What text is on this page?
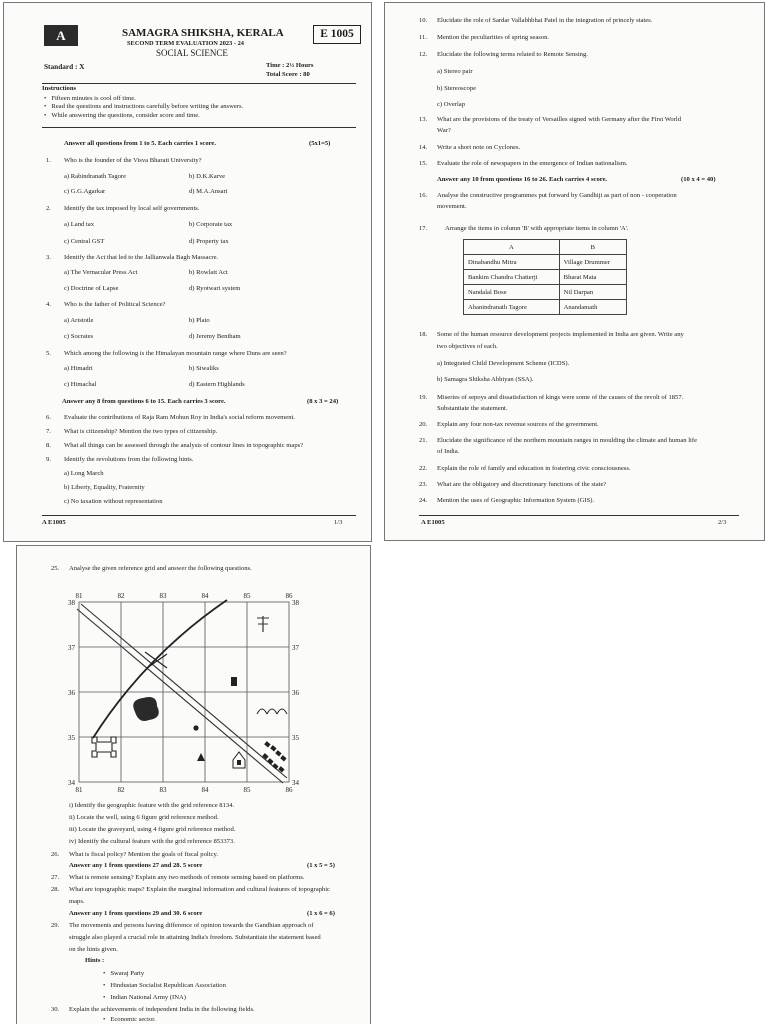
A	SAMAGRA SHIKSHA, KERALA
SECOND TERM EVALUATION 2023 - 24
SOCIAL SCIENCE
E 1005
Standard : X	Time : 2½ Hours
Total Score : 80
Instructions
• Fifteen minutes is cool off time.
• Read the questions and instructions carefully before writing the answers.
• While answering the questions, consider score and time.
Answer all questions from 1 to 5. Each carries 1 score.	(5x1=5)
1. Who is the founder of the Visva Bharati University?
a) Rabindranath Tagore	b) D.K.Karve
c) G.G.Agarkar	d) M.A.Ansari
2. Identify the tax imposed by local self governments.
a) Land tax	b) Corporate tax
c) Central GST	d) Property tax
3. Identify the Act that led to the Jallianwala Bagh Massacre.
a) The Vernacular Press Act	b) Rowlatt Act
c) Doctrine of Lapse	d) Ryotwari system
4. Who is the father of Political Science?
a) Aristotle	b) Plato
c) Socrates	d) Jeremy Bentham
5. Which among the following is the Himalayan mountain range where Duns are seen?
a) Himadri	b) Siwaliks
c) Himachal	d) Eastern Highlands
Answer any 8 from questions 6 to 15. Each carries 3 score.	(8 x 3 = 24)
6. Evaluate the contributions of Raja Ram Mohun Roy in India's social reform movement.
7. What is citizenship? Mention the two types of citizenship.
8. What all things can be assessed through the analysis of contour lines in topographic maps?
9. Identify the revolutions from the following hints.
a) Long March
b) Liberty, Equality, Fraternity
c) No taxation without representation
A E1005	1/3
10. Elucidate the role of Sardar Vallabhbhai Patel in the integration of princely states.
11. Mention the peculiarities of spring season.
12. Elucidate the following terms related to Remote Sensing.
a) Stereo pair
b) Stereoscope
c) Overlap
13. What are the provisions of the treaty of Versailles signed with Germany after the First World
War?
14. Write a short note on Cyclones.
15. Evaluate the role of newspapers in the emergence of Indian nationalism.
Answer any 10 from questions 16 to 26. Each carries 4 score.	(10 x 4 = 40)
16. Analyse the constructive programmes put forward by Gandhiji as part of non - cooperation
movement.
17.	Arrange the items in column 'B' with appropriate items in column 'A'.
A	B
Dinabandhu Mitra	Village Drummer
Bankim Chandra Chatterji	Bharat Mata
Nandalal Bose	Nil Darpan
Abanindranath Tagore	Anandamath
18. Some of the human resource development projects implemented in India are given. Write any
two objectives of each.
a) Integrated Child Development Scheme (ICDS).
b) Samagra Shiksha Abhiyan (SSA).
19. Miseries of sepoys and dissatisfaction of kings were some of the causes of the revolt of 1857.
Substantiate the statement.
20. Explain any four non-tax revenue sources of the government.
21. Elucidate the significance of the northern mountain ranges in moulding the climate and human life
of India.
22. Explain the role of family and education in fostering civic consciousness.
23. What are the obligatory and discretionary functions of the state?
24. Mention the uses of Geographic Information System (GIS).
A E1005	2/3
25. Analyse the given reference grid and answer the following questions.
81	82	83	84	85	86
81	82	83	84	85	86
38
37
36
35
34
38
37
36
35
34
i) Identify the geographic feature with the grid reference 8134.
ii) Locate the well, using 6 figure grid reference method.
iii) Locate the graveyard, using 4 figure grid reference method.
iv) Identify the cultural feature with the grid reference 853373.
26. What is fiscal policy? Mention the goals of fiscal policy.
Answer any 1 from questions 27 and 28. 5 score	(1 x 5 = 5)
27. What is remote sensing? Explain any two methods of remote sensing based on platforms.
28. What are topographic maps? Explain the marginal information and cultural features of topographic
maps.
Answer any 1 from questions 29 and 30. 6 score	(1 x 6 = 6)
29. The movements and persons having difference of opinion towards the Gandhian approach of
struggle also played a crucial role in attaining India's freedom. Substantiate the statement based
on the hints given.
Hints :
• Swaraj Party
• Hindustan Socialist Republican Association
• Indian National Army (INA)
30. Explain the achievements of independent India in the following fields.
• Economic sector.
